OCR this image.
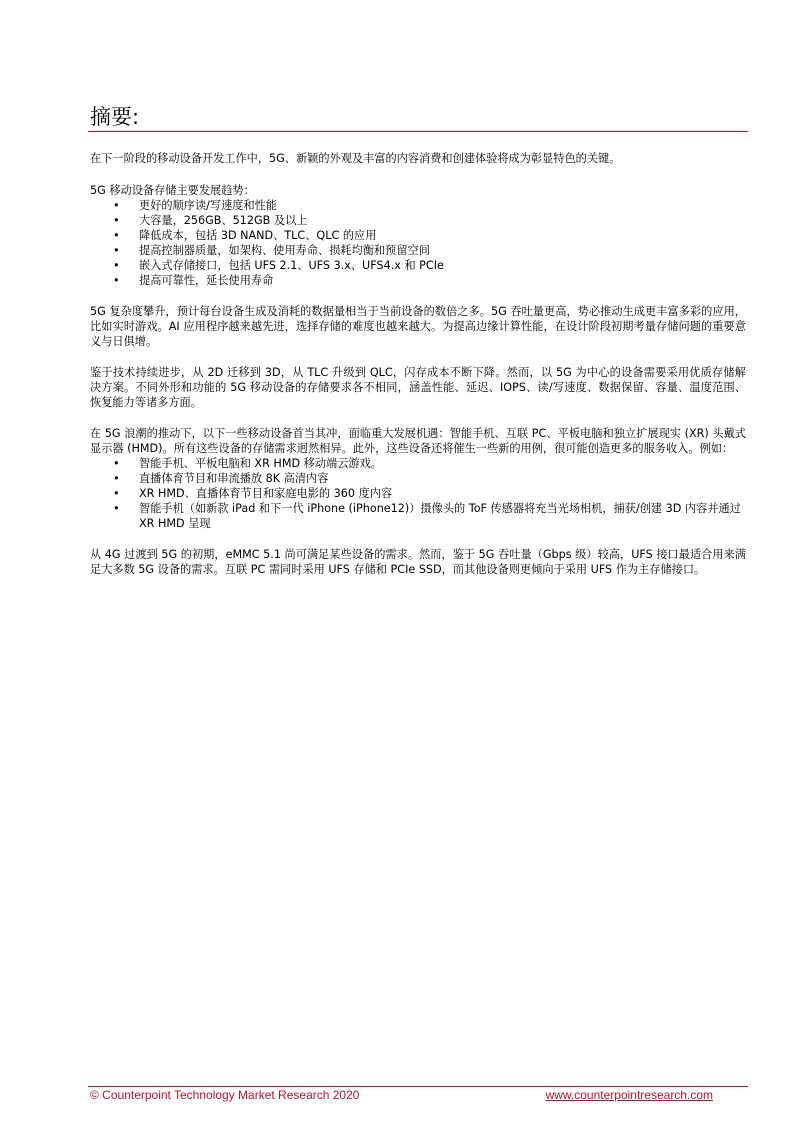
摘要:

在下一阶段的移动设备开发工作中，5G、新颖的外观及丰富的内容消费和创建体验将成为彰显特色的关键。

5G 移动设备存储主要发展趋势：

• 更好的顺序读/写速度和性能
• 大容量，256GB、512GB 及以上
• 降低成本，包括 3D NAND、TLC、QLC 的应用
• 提高控制器质量，如架构、使用寿命、损耗均衡和预留空间
• 嵌入式存储接口，包括 UFS 2.1、UFS 3.x、UFS4.x 和 PCIe
• 提高可靠性，延长使用寿命

5G 复杂度攀升，预计每台设备生成及消耗的数据量相当于当前设备的数倍之多。5G 吞吐量更高，势必推动生成更丰富多彩的应用，比如实时游戏。AI 应用程序越来越先进，选择存储的难度也越来越大。为提高边缘计算性能，在设计阶段初期考量存储问题的重要意义与日俱增。

鉴于技术持续进步，从 2D 迁移到 3D，从 TLC 升级到 QLC，闪存成本不断下降。然而，以 5G 为中心的设备需要采用优质存储解决方案。不同外形和功能的 5G 移动设备的存储要求各不相同，涵盖性能、延迟、IOPS、读/写速度、数据保留、容量、温度范围、恢复能力等诸多方面。

在 5G 浪潮的推动下，以下一些移动设备首当其冲，面临重大发展机遇：智能手机、互联 PC、平板电脑和独立扩展现实 (XR) 头戴式显示器 (HMD)。所有这些设备的存储需求迥然相异。此外，这些设备还将催生一些新的用例，很可能创造更多的服务收入。例如：

• 智能手机、平板电脑和 XR HMD 移动端云游戏。
• 直播体育节目和串流播放 8K 高清内容
• XR HMD、直播体育节目和家庭电影的 360 度内容
• 智能手机（如新款 iPad 和下一代 iPhone (iPhone12)）摄像头的 ToF 传感器将充当光场相机，捕获/创建 3D 内容并通过 XR HMD 呈现

从 4G 过渡到 5G 的初期，eMMC 5.1 尚可满足某些设备的需求。然而，鉴于 5G 吞吐量（Gbps 级）较高，UFS 接口最适合用来满足大多数 5G 设备的需求。互联 PC 需同时采用 UFS 存储和 PCIe SSD，而其他设备则更倾向于采用 UFS 作为主存储接口。

© Counterpoint Technology Market Research 2020	www.counterpointresearch.com
